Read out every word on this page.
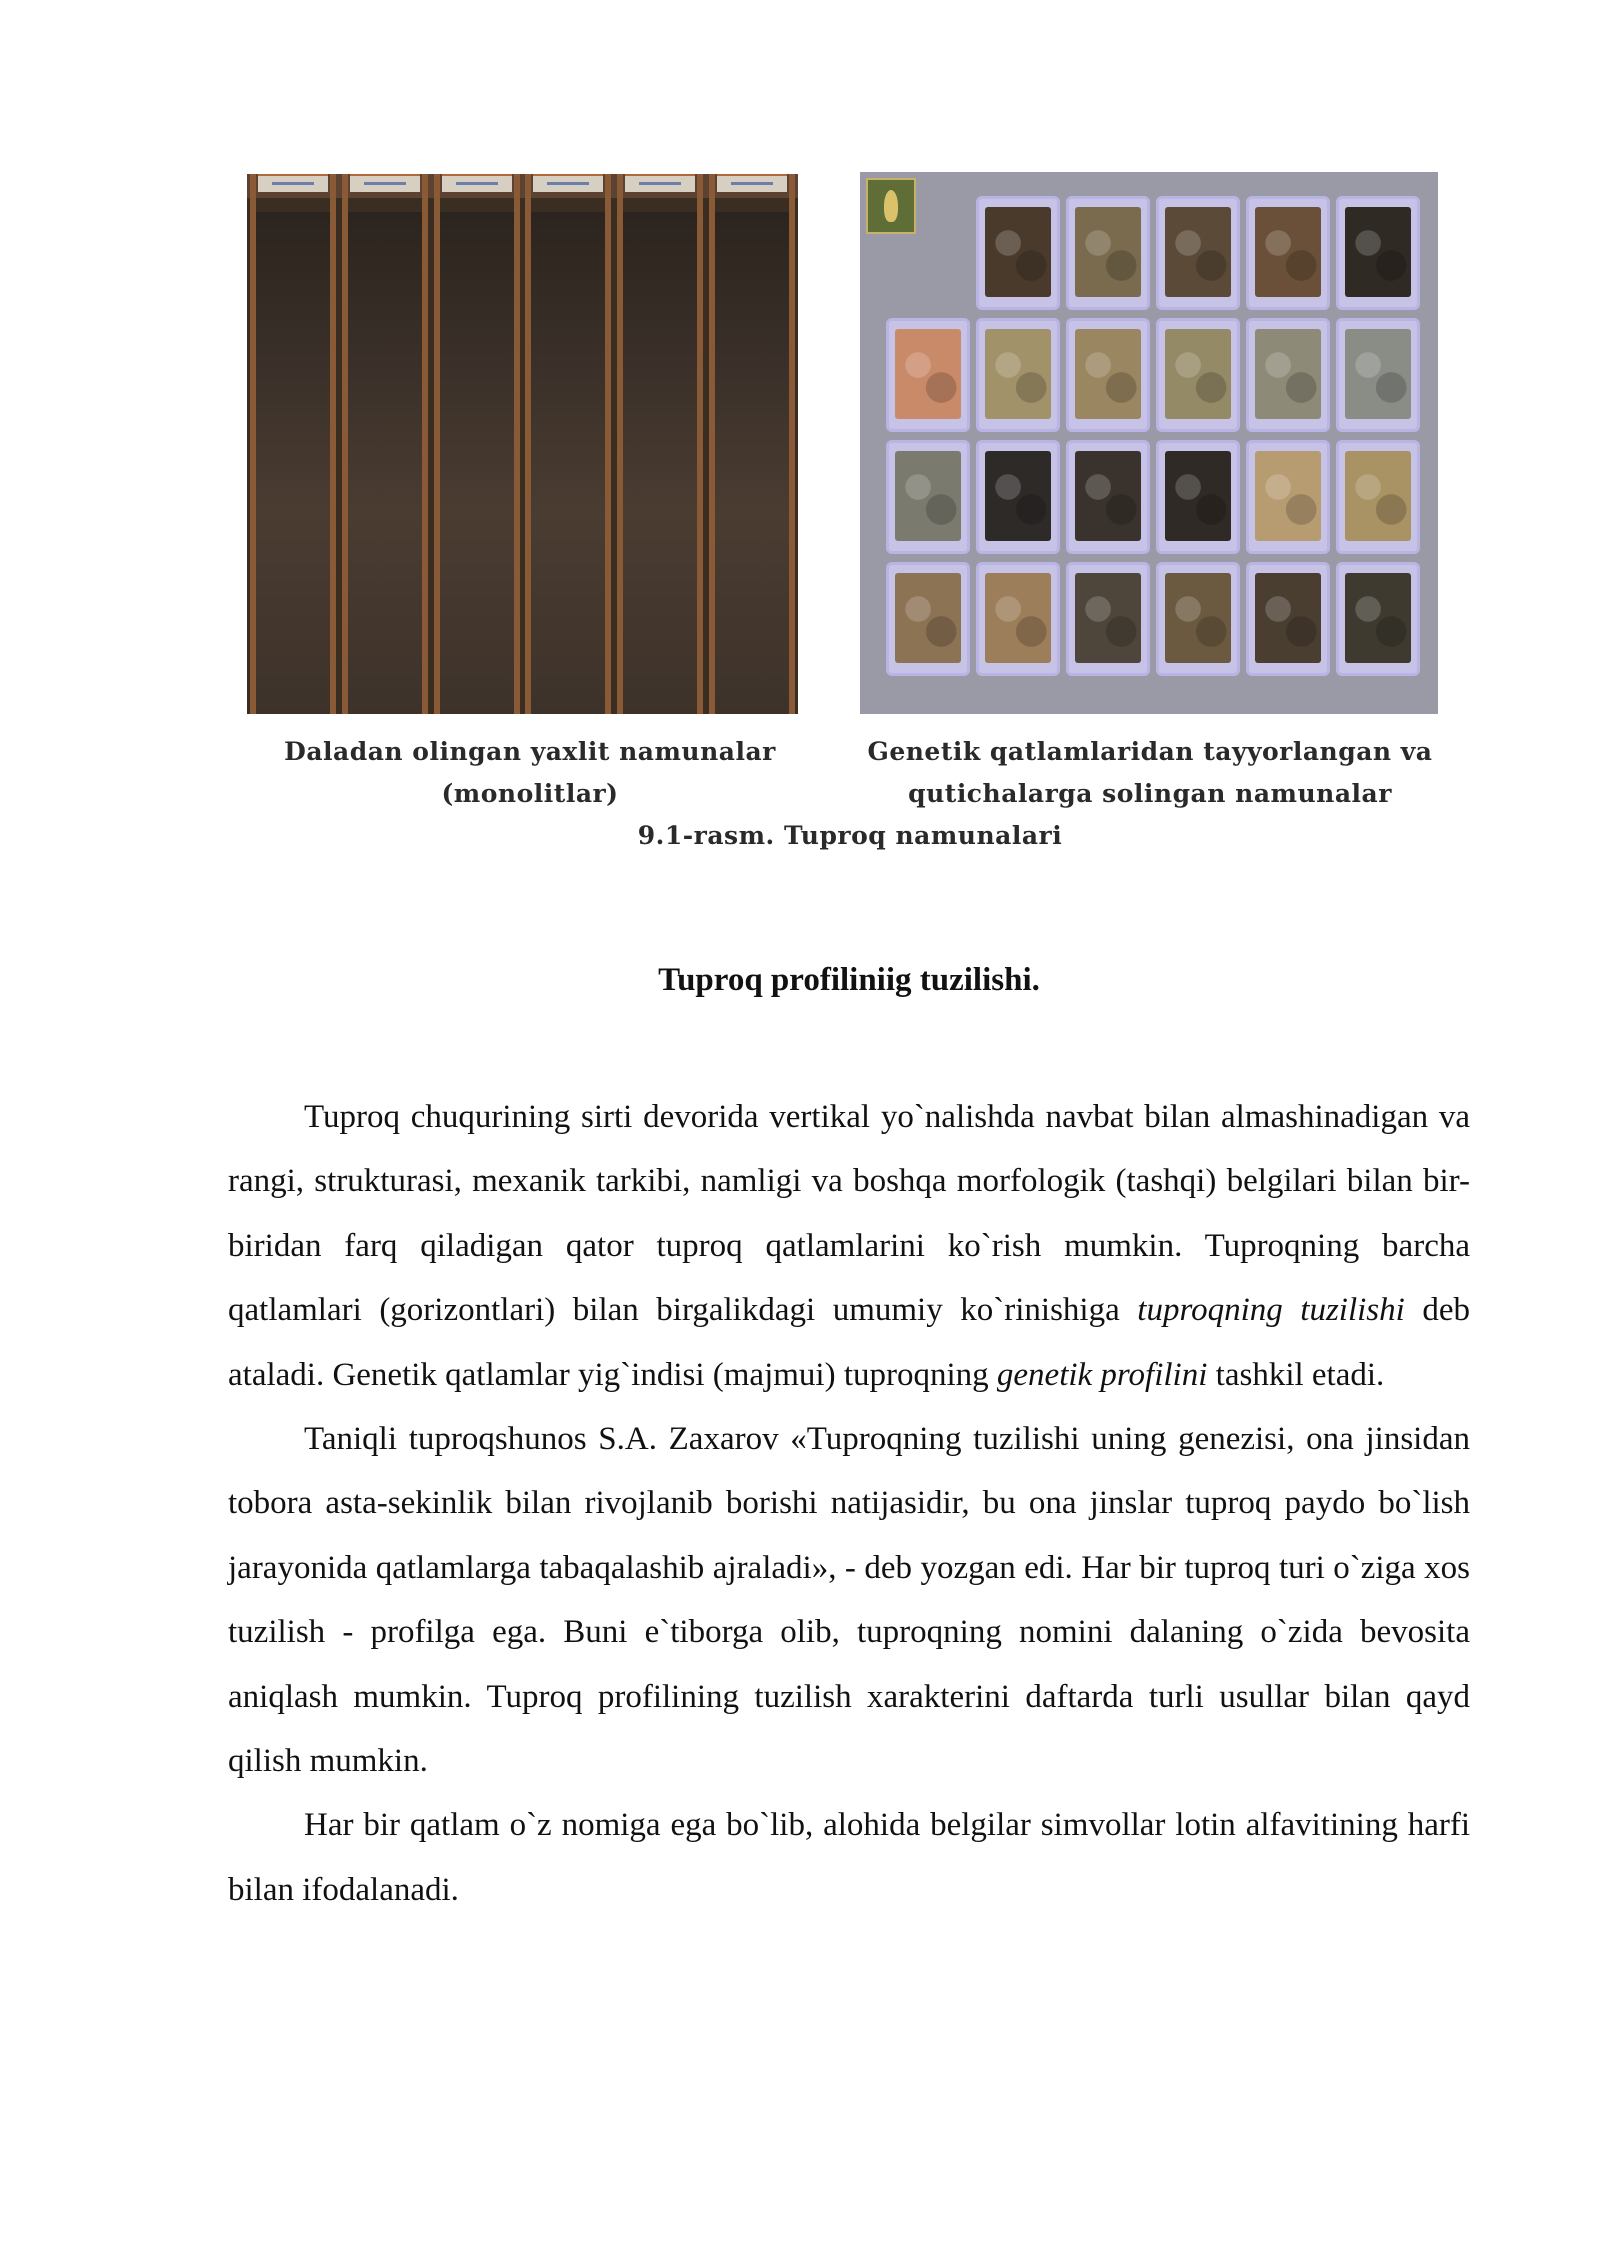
Daladan olingan yaxlit namunalar
(monolitlar)

Genetik qatlamlaridan tayyorlangan va
qutichalarga solingan namunalar

9.1-rasm. Tuproq namunalari

Tuproq profiliniig tuzilishi.

Tuproq chuqurining sirti devorida vertikal yo`nalishda navbat bilan almashinadigan va rangi, strukturasi, mexanik tarkibi, namligi va boshqa morfologik (tashqi) belgilari bilan bir-biridan farq qiladigan qator tuproq qatlamlarini ko`rish mumkin. Tuproqning barcha qatlamlari (gorizontlari) bilan birgalikdagi umumiy ko`rinishiga tuproqning tuzilishi deb ataladi. Genetik qatlamlar yig`indisi (majmui) tuproqning genetik profilini tashkil etadi.

Taniqli tuproqshunos S.A. Zaxarov «Tuproqning tuzilishi uning genezisi, ona jinsidan tobora asta-sekinlik bilan rivojlanib borishi natijasidir, bu ona jinslar tuproq paydo bo`lish jarayonida qatlamlarga tabaqalashib ajraladi», - deb yozgan edi. Har bir tuproq turi o`ziga xos tuzilish - profilga ega. Buni e`tiborga olib, tuproqning nomini dalaning o`zida bevosita aniqlash mumkin. Tuproq profilining tuzilish xarakterini daftarda turli usullar bilan qayd qilish mumkin.

Har bir qatlam o`z nomiga ega bo`lib, alohida belgilar simvollar lotin alfavitining harfi bilan ifodalanadi.
